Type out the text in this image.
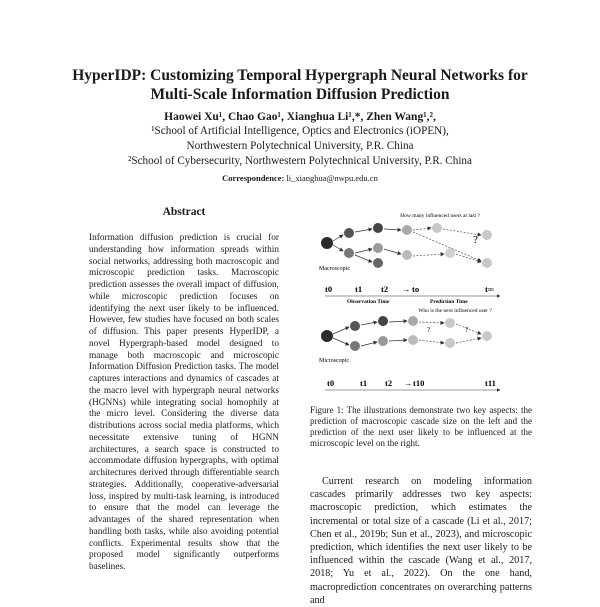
HyperIDP: Customizing Temporal Hypergraph Neural Networks for
Multi-Scale Information Diffusion Prediction
Haowei Xu¹, Chao Gao¹, Xianghua Li¹,*, Zhen Wang¹,²,
¹School of Artificial Intelligence, Optics and Electronics (iOPEN),
Northwestern Polytechnical University, P.R. China
²School of Cybersecurity, Northwestern Polytechnical University, P.R. China
Correspondence: li_xianghua@nwpu.edu.cn
Abstract
Information diffusion prediction is crucial for understanding how information spreads within social networks, addressing both macroscopic and microscopic prediction tasks. Macroscopic prediction assesses the overall impact of diffusion, while microscopic prediction focuses on identifying the next user likely to be influenced. However, few studies have focused on both scales of diffusion. This paper presents HyperIDP, a novel Hypergraph-based model designed to manage both macroscopic and microscopic Information Diffusion Prediction tasks. The model captures interactions and dynamics of cascades at the macro level with hypergraph neural networks (HGNNs) while integrating social homophily at the micro level. Considering the diverse data distributions across social media platforms, which necessitate extensive tuning of HGNN architectures, a search space is constructed to accommodate diffusion hypergraphs, with optimal architectures derived through differentiable search strategies. Additionally, cooperative-adversarial loss, inspired by multi-task learning, is introduced to ensure that the model can leverage the advantages of the shared representation when handling both tasks, while also avoiding potential conflicts. Experimental results show that the proposed model significantly outperforms baselines.
How many influenced users at last ?
?
Macroscopic
t0	t1 t2 → to	t∞
Observation Time	Prediction Time
Who is the next influenced user ?
?	?
Microscopic
t0	t1 t2 → t10	t11
Figure 1: The illustrations demonstrate two key aspects: the prediction of macroscopic cascade size on the left and the prediction of the next user likely to be influenced at the microscopic level on the right.
Current research on modeling information cascades primarily addresses two key aspects: macroscopic prediction, which estimates the incremental or total size of a cascade (Li et al., 2017; Chen et al., 2019b; Sun et al., 2023), and microscopic prediction, which identifies the next user likely to be influenced within the cascade (Wang et al., 2017, 2018; Yu et al., 2022). On the one hand, macroprediction concentrates on overarching patterns and
